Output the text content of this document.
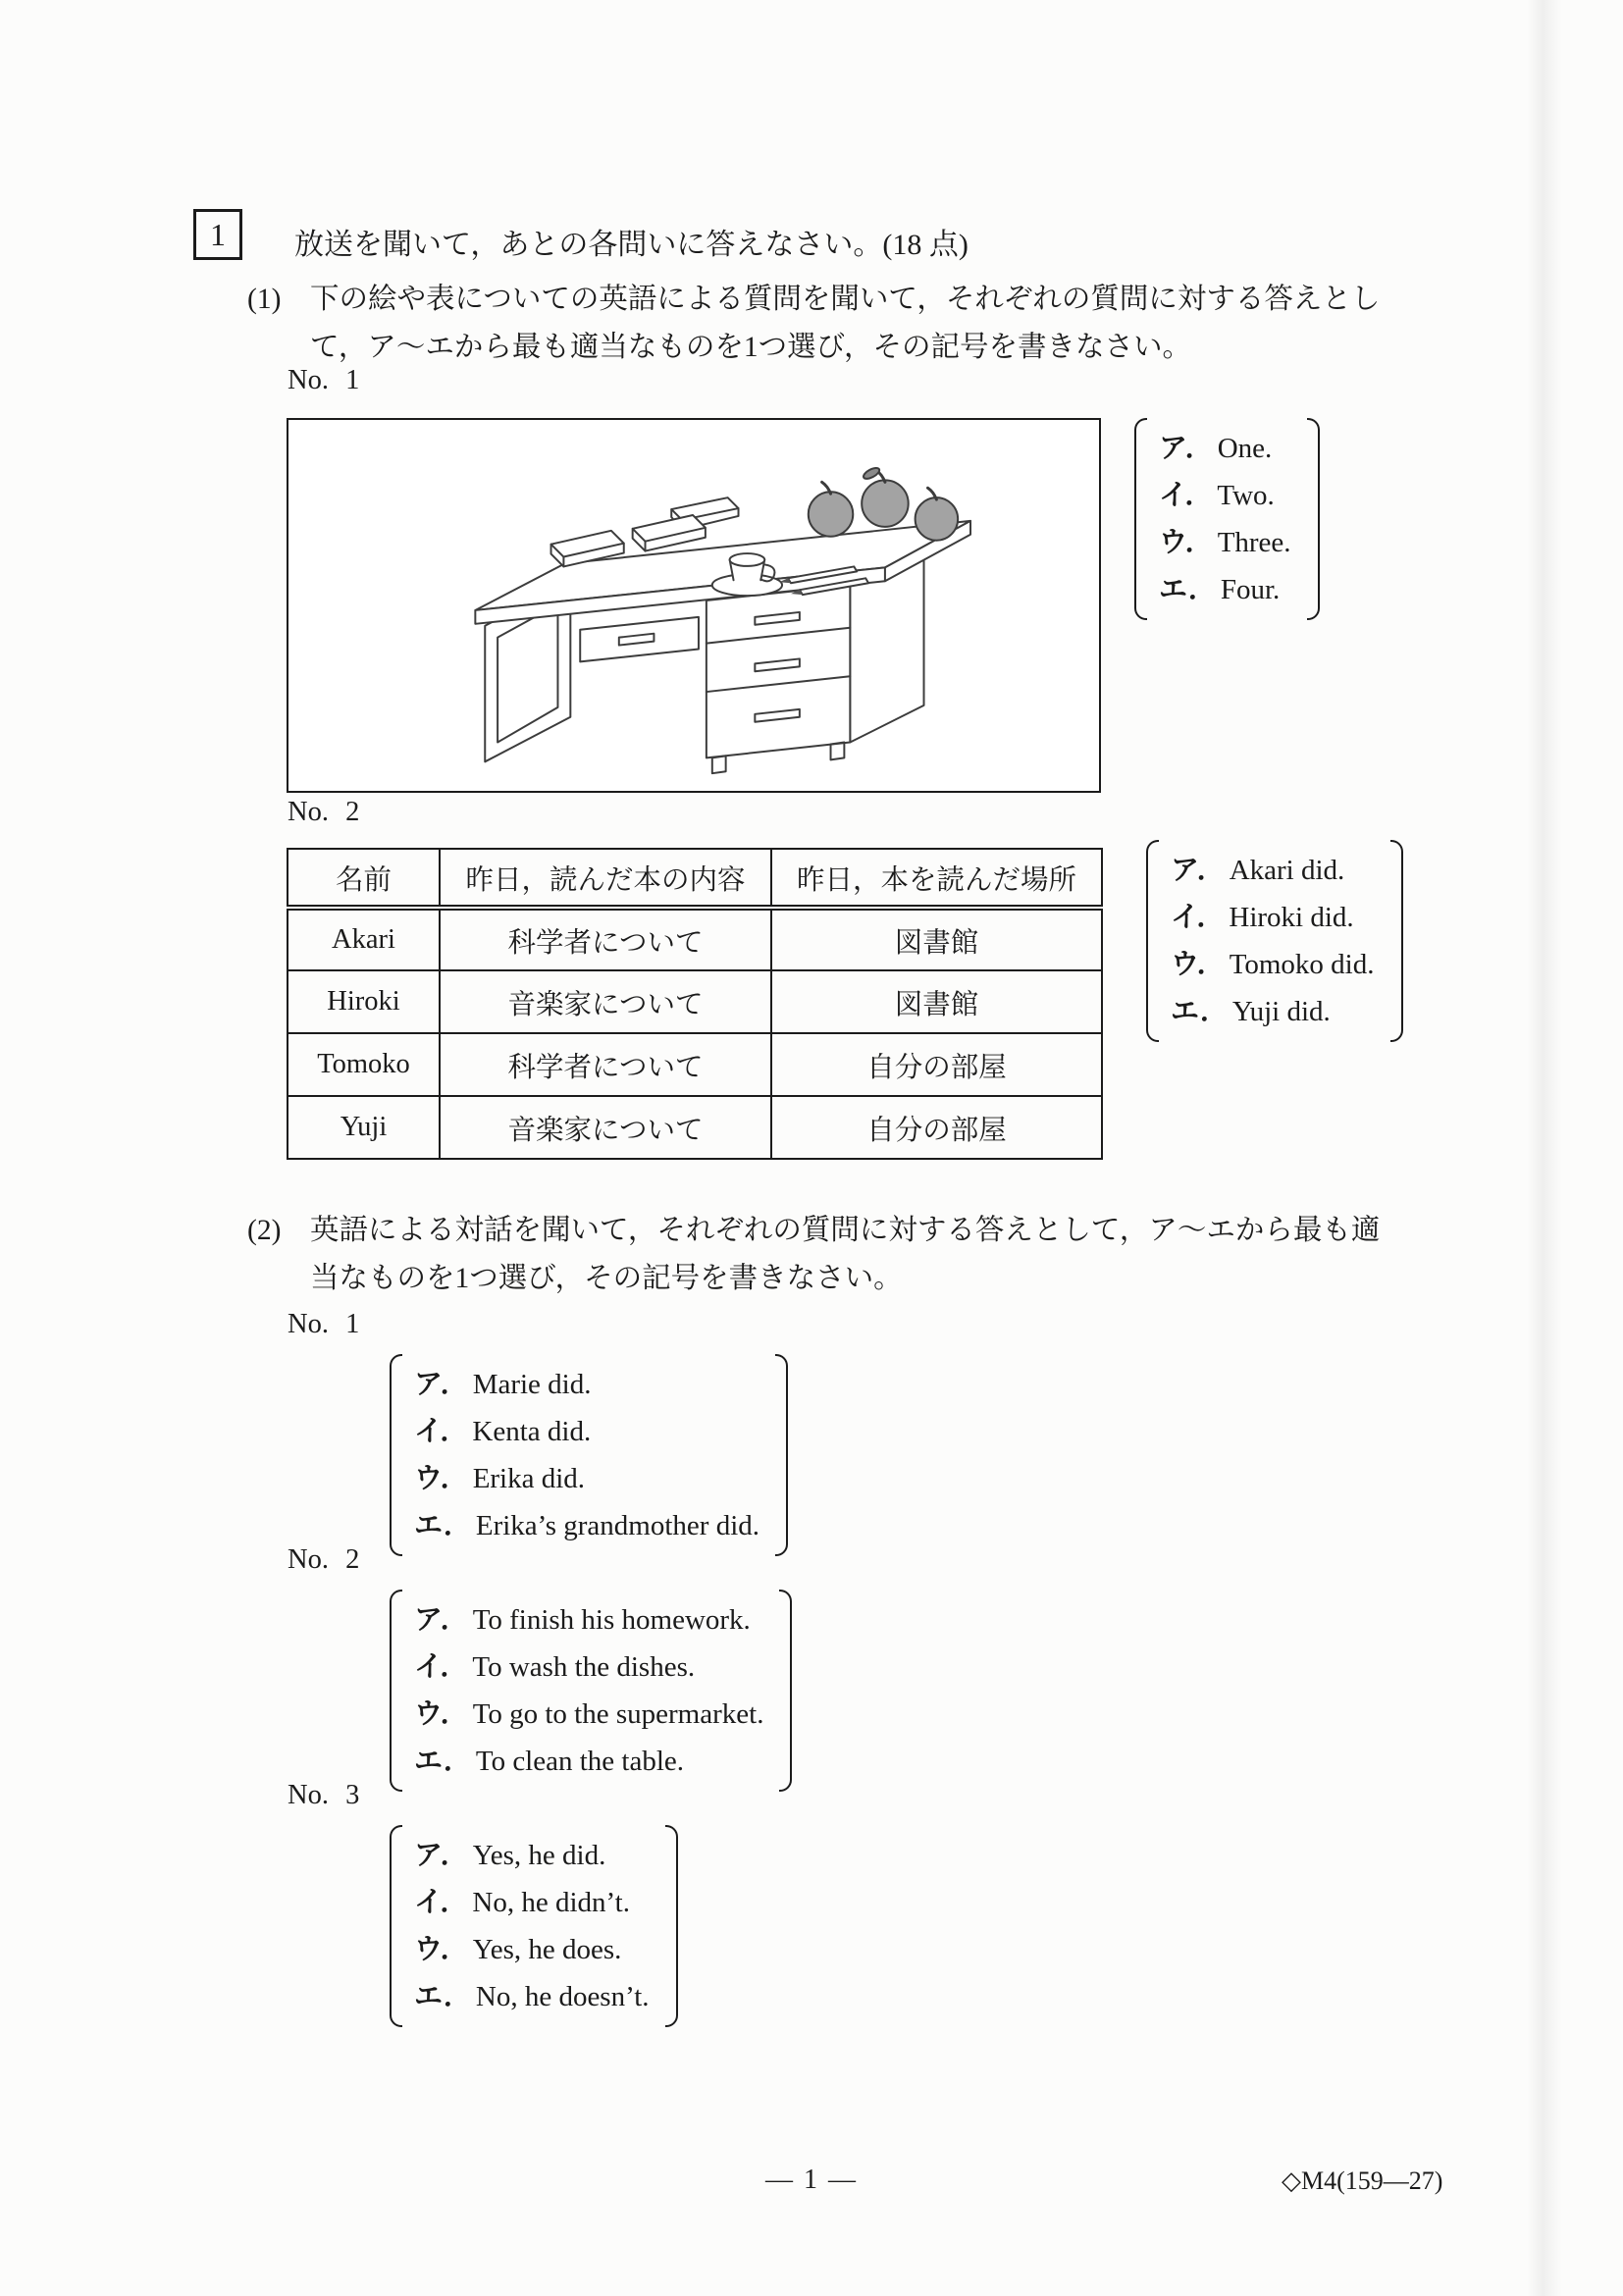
1 放送を聞いて，あとの各問いに答えなさい。(18 点)
(1) 下の絵や表についての英語による質問を聞いて，それぞれの質問に対する答えとし
て，ア～エから最も適当なものを1つ選び，その記号を書きなさい。
No. 1
ア． One.
イ． Two.
ウ． Three.
エ． Four.
No. 2
名前	昨日，読んだ本の内容	昨日，本を読んだ場所
Akari	科学者について	図書館
Hiroki	音楽家について	図書館
Tomoko	科学者について	自分の部屋
Yuji	音楽家について	自分の部屋
ア． Akari did.
イ． Hiroki did.
ウ． Tomoko did.
エ． Yuji did.
(2) 英語による対話を聞いて，それぞれの質問に対する答えとして，ア～エから最も適
当なものを1つ選び，その記号を書きなさい。
No. 1
ア． Marie did.
イ． Kenta did.
ウ． Erika did.
エ． Erika’s grandmother did.
No. 2
ア． To finish his homework.
イ． To wash the dishes.
ウ． To go to the supermarket.
エ． To clean the table.
No. 3
ア． Yes, he did.
イ． No, he didn’t.
ウ． Yes, he does.
エ． No, he doesn’t.
— 1 —	◇M4(159—27)
